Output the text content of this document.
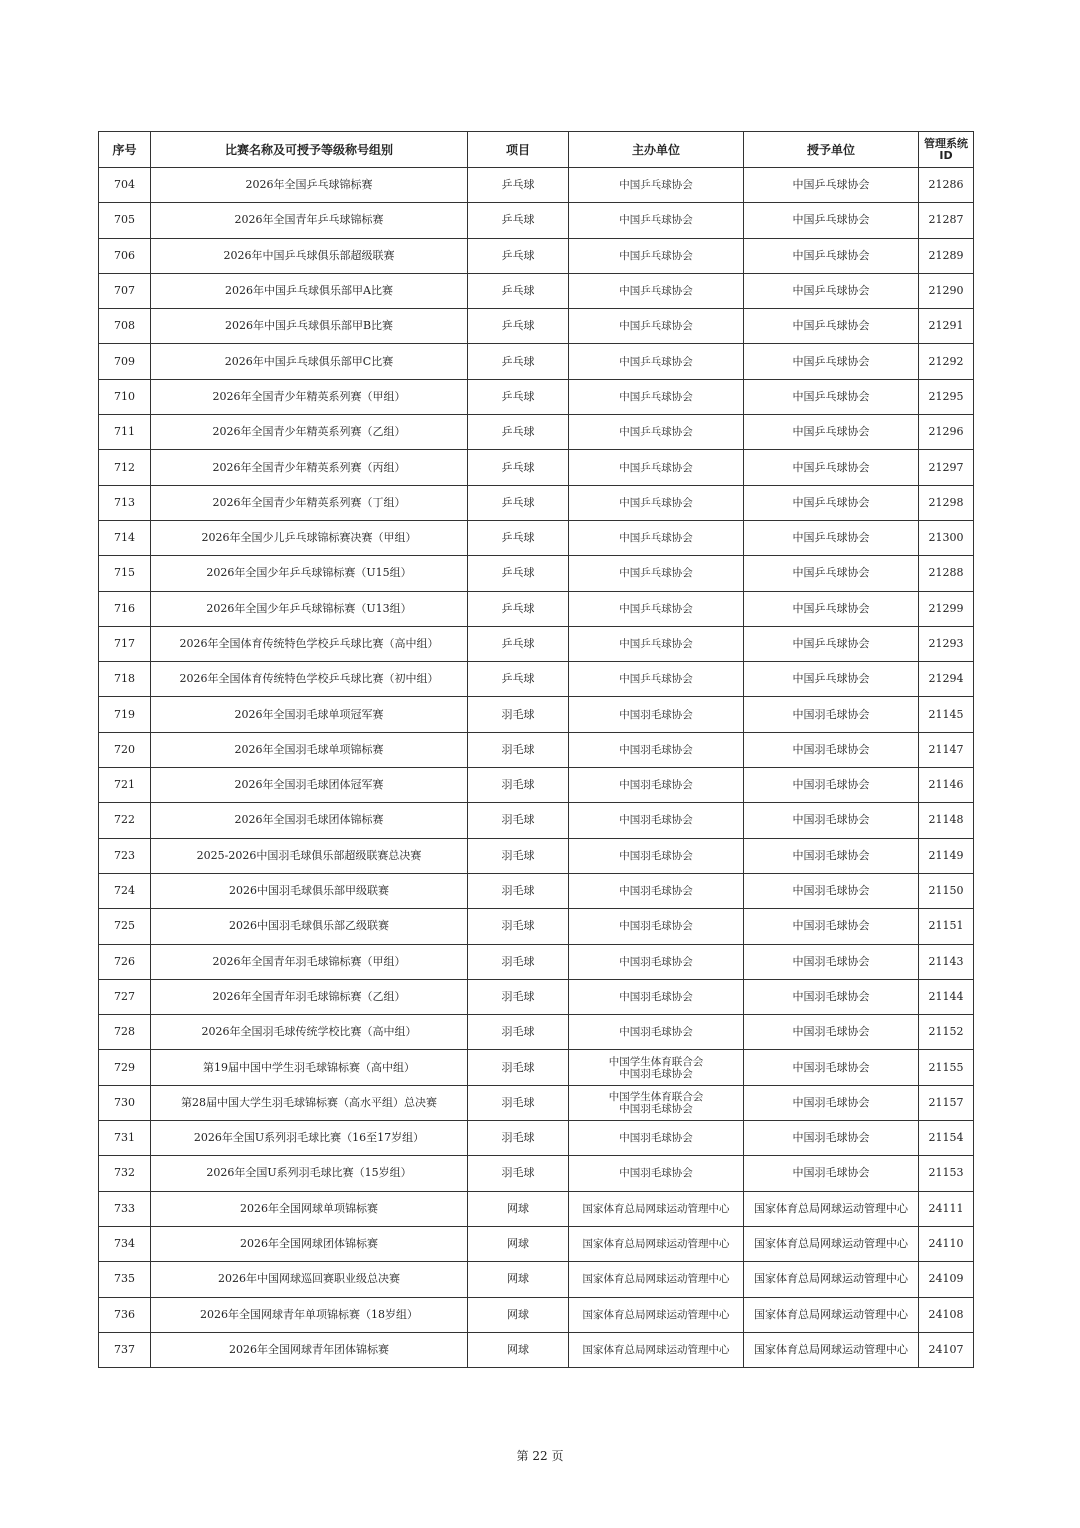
序号	比赛名称及可授予等级称号组别	项目	主办单位	授予单位	管理系统ID
704	2026年全国乒乓球锦标赛	乒乓球	中国乒乓球协会	中国乒乓球协会	21286
705	2026年全国青年乒乓球锦标赛	乒乓球	中国乒乓球协会	中国乒乓球协会	21287
706	2026年中国乒乓球俱乐部超级联赛	乒乓球	中国乒乓球协会	中国乒乓球协会	21289
707	2026年中国乒乓球俱乐部甲A比赛	乒乓球	中国乒乓球协会	中国乒乓球协会	21290
708	2026年中国乒乓球俱乐部甲B比赛	乒乓球	中国乒乓球协会	中国乒乓球协会	21291
709	2026年中国乒乓球俱乐部甲C比赛	乒乓球	中国乒乓球协会	中国乒乓球协会	21292
710	2026年全国青少年精英系列赛（甲组）	乒乓球	中国乒乓球协会	中国乒乓球协会	21295
711	2026年全国青少年精英系列赛（乙组）	乒乓球	中国乒乓球协会	中国乒乓球协会	21296
712	2026年全国青少年精英系列赛（丙组）	乒乓球	中国乒乓球协会	中国乒乓球协会	21297
713	2026年全国青少年精英系列赛（丁组）	乒乓球	中国乒乓球协会	中国乒乓球协会	21298
714	2026年全国少儿乒乓球锦标赛决赛（甲组）	乒乓球	中国乒乓球协会	中国乒乓球协会	21300
715	2026年全国少年乒乓球锦标赛（U15组）	乒乓球	中国乒乓球协会	中国乒乓球协会	21288
716	2026年全国少年乒乓球锦标赛（U13组）	乒乓球	中国乒乓球协会	中国乒乓球协会	21299
717	2026年全国体育传统特色学校乒乓球比赛（高中组）	乒乓球	中国乒乓球协会	中国乒乓球协会	21293
718	2026年全国体育传统特色学校乒乓球比赛（初中组）	乒乓球	中国乒乓球协会	中国乒乓球协会	21294
719	2026年全国羽毛球单项冠军赛	羽毛球	中国羽毛球协会	中国羽毛球协会	21145
720	2026年全国羽毛球单项锦标赛	羽毛球	中国羽毛球协会	中国羽毛球协会	21147
721	2026年全国羽毛球团体冠军赛	羽毛球	中国羽毛球协会	中国羽毛球协会	21146
722	2026年全国羽毛球团体锦标赛	羽毛球	中国羽毛球协会	中国羽毛球协会	21148
723	2025-2026中国羽毛球俱乐部超级联赛总决赛	羽毛球	中国羽毛球协会	中国羽毛球协会	21149
724	2026中国羽毛球俱乐部甲级联赛	羽毛球	中国羽毛球协会	中国羽毛球协会	21150
725	2026中国羽毛球俱乐部乙级联赛	羽毛球	中国羽毛球协会	中国羽毛球协会	21151
726	2026年全国青年羽毛球锦标赛（甲组）	羽毛球	中国羽毛球协会	中国羽毛球协会	21143
727	2026年全国青年羽毛球锦标赛（乙组）	羽毛球	中国羽毛球协会	中国羽毛球协会	21144
728	2026年全国羽毛球传统学校比赛（高中组）	羽毛球	中国羽毛球协会	中国羽毛球协会	21152
729	第19届中国中学生羽毛球锦标赛（高中组）	羽毛球	中国学生体育联合会
中国羽毛球协会	中国羽毛球协会	21155
730	第28届中国大学生羽毛球锦标赛（高水平组）总决赛	羽毛球	中国学生体育联合会
中国羽毛球协会	中国羽毛球协会	21157
731	2026年全国U系列羽毛球比赛（16至17岁组）	羽毛球	中国羽毛球协会	中国羽毛球协会	21154
732	2026年全国U系列羽毛球比赛（15岁组）	羽毛球	中国羽毛球协会	中国羽毛球协会	21153
733	2026年全国网球单项锦标赛	网球	国家体育总局网球运动管理中心	国家体育总局网球运动管理中心	24111
734	2026年全国网球团体锦标赛	网球	国家体育总局网球运动管理中心	国家体育总局网球运动管理中心	24110
735	2026年中国网球巡回赛职业级总决赛	网球	国家体育总局网球运动管理中心	国家体育总局网球运动管理中心	24109
736	2026年全国网球青年单项锦标赛（18岁组）	网球	国家体育总局网球运动管理中心	国家体育总局网球运动管理中心	24108
737	2026年全国网球青年团体锦标赛	网球	国家体育总局网球运动管理中心	国家体育总局网球运动管理中心	24107
第 22 页
